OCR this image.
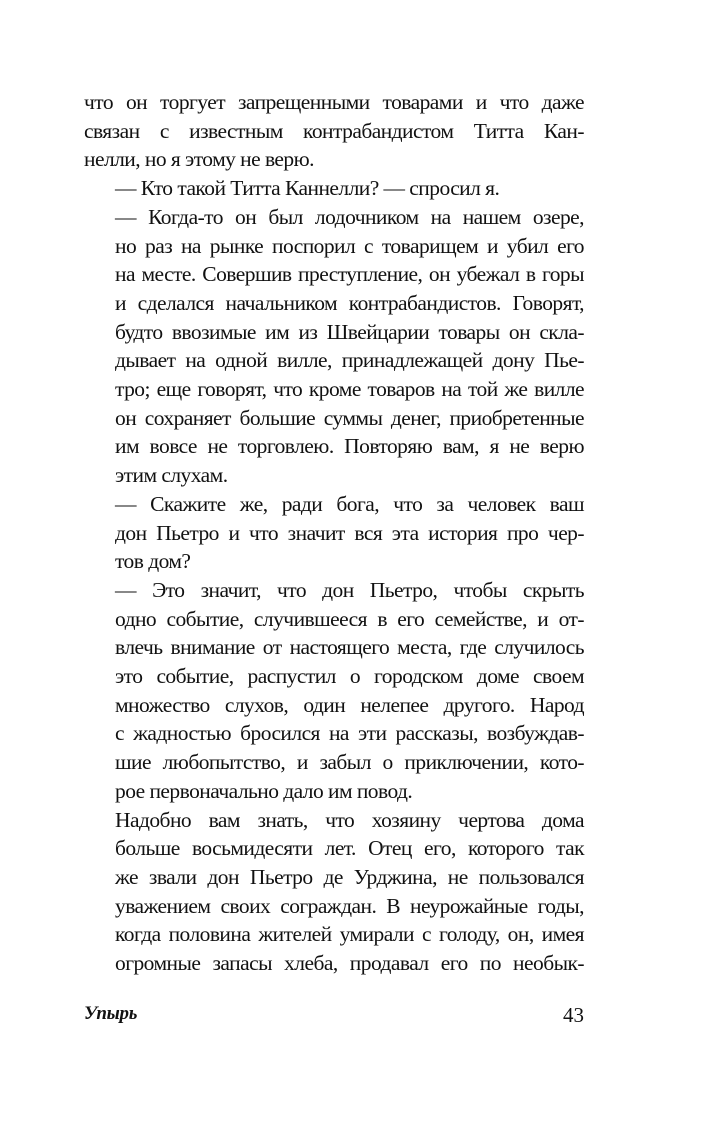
что он торгует запрещенными товарами и что даже
связан с известным контрабандистом Титта Кан-
нелли, но я этому не верю.
— Кто такой Титта Каннелли? — спросил я.
— Когда-то он был лодочником на нашем озере,
но раз на рынке поспорил с товарищем и убил его
на месте. Совершив преступление, он убежал в горы
и сделался начальником контрабандистов. Говорят,
будто ввозимые им из Швейцарии товары он скла-
дывает на одной вилле, принадлежащей дону Пье-
тро; еще говорят, что кроме товаров на той же вилле
он сохраняет большие суммы денег, приобретенные
им вовсе не торговлею. Повторяю вам, я не верю
этим слухам.
— Скажите же, ради бога, что за человек ваш
дон Пьетро и что значит вся эта история про чер-
тов дом?
— Это значит, что дон Пьетро, чтобы скрыть
одно событие, случившееся в его семействе, и от-
влечь внимание от настоящего места, где случилось
это событие, распустил о городском доме своем
множество слухов, один нелепее другого. Народ
с жадностью бросился на эти рассказы, возбуждав-
шие любопытство, и забыл о приключении, кото-
рое первоначально дало им повод.
Надобно вам знать, что хозяину чертова дома
больше восьмидесяти лет. Отец его, которого так
же звали дон Пьетро де Урджина, не пользовался
уважением своих сограждан. В неурожайные годы,
когда половина жителей умирали с голоду, он, имея
огромные запасы хлеба, продавал его по необык-
Упырь	43
